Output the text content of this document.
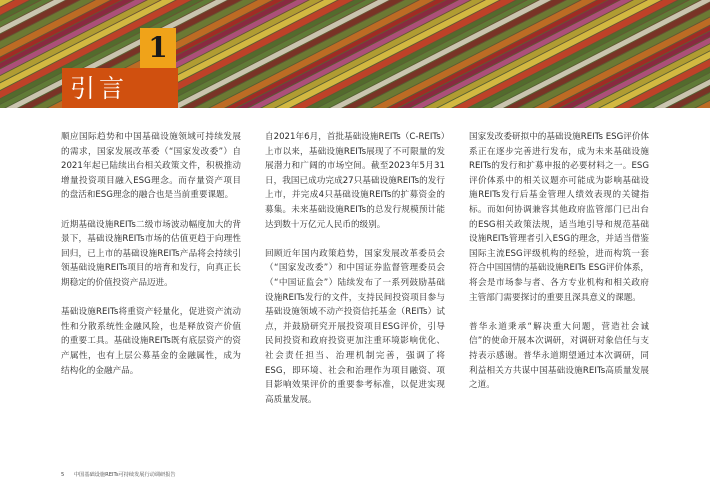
1
引言

顺应国际趋势和中国基础设施领域可持续发展的需求，国家发展改革委（“国家发改委”）自2021年起已陆续出台相关政策文件，积极推动增量投资项目融入ESG理念。而存量资产项目的盘活和ESG理念的融合也是当前重要课题。

近期基础设施REITs二级市场波动幅度加大的背景下，基础设施REITs市场的估值更趋于向理性回归，已上市的基础设施REITs产品将会持续引领基础设施REITs项目的培育和发行，向真正长期稳定的价值投资产品迈进。

基础设施REITs将重资产轻量化，促进资产流动性和分散系统性金融风险，也是释放资产价值的重要工具。基础设施REITs既有底层资产的资产属性，也有上层公募基金的金融属性，成为结构化的金融产品。

自2021年6月，首批基础设施REITs（C-REITs）上市以来，基础设施REITs展现了不可限量的发展潜力和广阔的市场空间。截至2023年5月31日，我国已成功完成27只基础设施REITs的发行上市，并完成4只基础设施REITs的扩募资金的募集。未来基础设施REITs的总发行规模预计能达到数十万亿元人民币的级别。

回顾近年国内政策趋势，国家发展改革委员会（“国家发改委”）和中国证券监督管理委员会（“中国证监会”）陆续发布了一系列鼓励基础设施REITs发行的文件，支持民间投资项目参与基础设施领域不动产投资信托基金（REITs）试点，并鼓励研究开展投资项目ESG评价，引导民间投资和政府投资更加注重环境影响优化、社会责任担当、治理机制完善，强调了将ESG，即环境、社会和治理作为项目融资、项目影响效果评价的重要参考标准，以促进实现高质量发展。

国家发改委研拟中的基础设施REITs ESG评价体系正在逐步完善进行发布，成为未来基础设施REITs的发行和扩募申报的必要材料之一。ESG评价体系中的相关议题亦可能成为影响基础设施REITs发行后基金管理人绩效表现的关键指标。而如何协调兼容其他政府监管部门已出台的ESG相关政策法规，适当地引导和规范基础设施REITs管理者引入ESG的理念，并适当借鉴国际主流ESG评级机构的经验，进而构筑一套符合中国国情的基础设施REITs ESG评价体系，将会是市场参与者、各方专业机构和相关政府主管部门需要探讨的重要且深具意义的课题。

普华永道秉承“解决重大问题，营造社会诚信”的使命开展本次调研，对调研对象信任与支持表示感谢。普华永道期望通过本次调研，同利益相关方共谋中国基础设施REITs高质量发展之道。

5 中国基础设施REITs可持续发展行动调研报告
